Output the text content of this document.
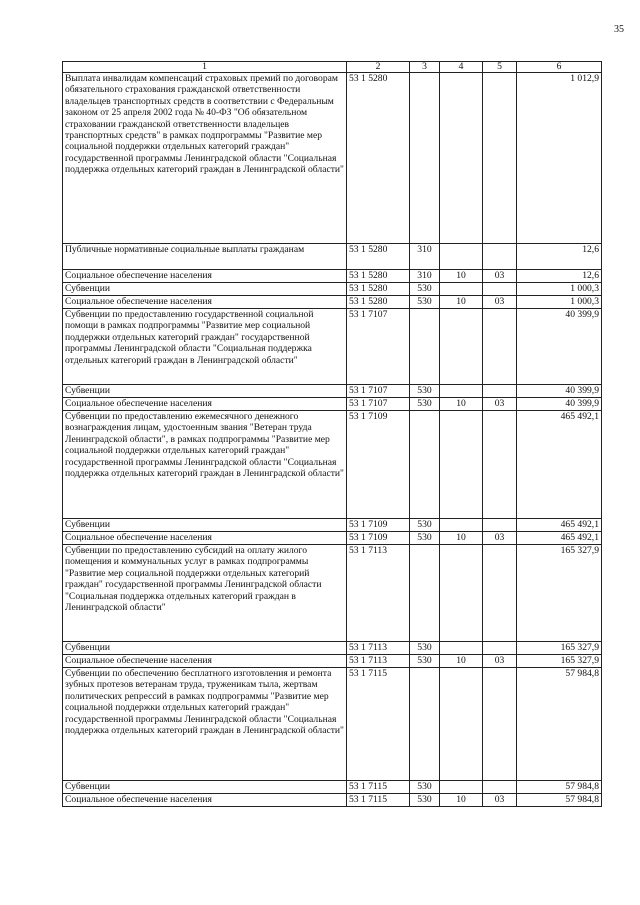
35
1	2	3	4	5	6
Выплата инвалидам компенсаций страховых премий по договорам обязательного страхования гражданской ответственности владельцев транспортных средств в соответствии с Федеральным законом от 25 апреля 2002 года № 40-ФЗ "Об обязательном страховании гражданской ответственности владельцев транспортных средств" в рамках подпрограммы "Развитие мер социальной поддержки отдельных категорий граждан" государственной программы Ленинградской области "Социальная поддержка отдельных категорий граждан в Ленинградской области"	53 1 5280				1 012,9
Публичные нормативные социальные выплаты гражданам	53 1 5280	310			12,6
Социальное обеспечение населения	53 1 5280	310	10	03	12,6
Субвенции	53 1 5280	530			1 000,3
Социальное обеспечение населения	53 1 5280	530	10	03	1 000,3
Субвенции по предоставлению государственной социальной помощи в рамках подпрограммы "Развитие мер социальной поддержки отдельных категорий граждан" государственной программы Ленинградской области "Социальная поддержка отдельных категорий граждан в Ленинградской области"	53 1 7107				40 399,9
Субвенции	53 1 7107	530			40 399,9
Социальное обеспечение населения	53 1 7107	530	10	03	40 399,9
Субвенции по предоставлению ежемесячного денежного вознаграждения лицам, удостоенным звания "Ветеран труда Ленинградской области", в рамках подпрограммы "Развитие мер социальной поддержки отдельных категорий граждан" государственной программы Ленинградской области "Социальная поддержка отдельных категорий граждан в Ленинградской области"	53 1 7109				465 492,1
Субвенции	53 1 7109	530			465 492,1
Социальное обеспечение населения	53 1 7109	530	10	03	465 492,1
Субвенции по предоставлению субсидий на оплату жилого помещения и коммунальных услуг в рамках подпрограммы "Развитие мер социальной поддержки отдельных категорий граждан" государственной программы Ленинградской области "Социальная поддержка отдельных категорий граждан в Ленинградской области"	53 1 7113				165 327,9
Субвенции	53 1 7113	530			165 327,9
Социальное обеспечение населения	53 1 7113	530	10	03	165 327,9
Субвенции по обеспечению бесплатного изготовления и ремонта зубных протезов ветеранам труда, труженикам тыла, жертвам политических репрессий в рамках подпрограммы "Развитие мер социальной поддержки отдельных категорий граждан" государственной программы Ленинградской области "Социальная поддержка отдельных категорий граждан в Ленинградской области"	53 1 7115				57 984,8
Субвенции	53 1 7115	530			57 984,8
Социальное обеспечение населения	53 1 7115	530	10	03	57 984,8
